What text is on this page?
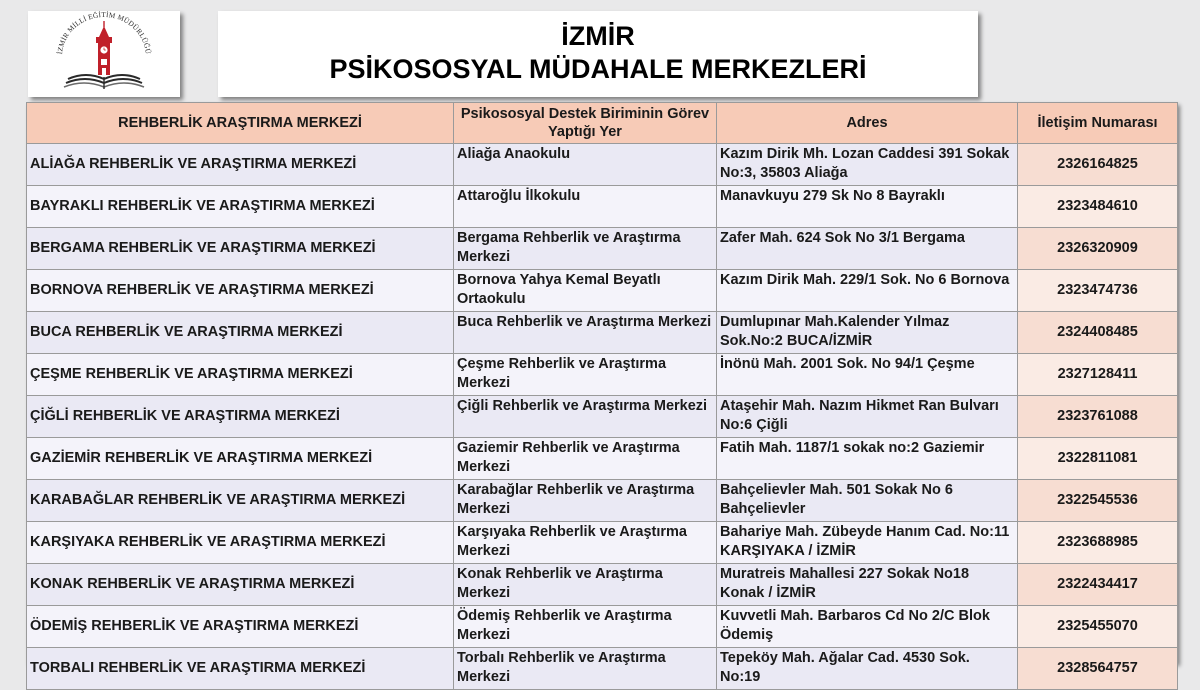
İZMİR MİLLİ EĞİTİM MÜDÜRLÜĞÜ
İZMİR
PSİKOSOSYAL MÜDAHALE MERKEZLERİ
REHBERLİK ARAŞTIRMA MERKEZİ	Psikososyal Destek Biriminin Görev Yaptığı Yer	Adres	İletişim Numarası
ALİAĞA REHBERLİK VE ARAŞTIRMA MERKEZİ	Aliağa Anaokulu	Kazım Dirik Mh. Lozan Caddesi 391 Sokak No:3, 35803 Aliağa	2326164825
BAYRAKLI REHBERLİK VE ARAŞTIRMA MERKEZİ	Attaroğlu İlkokulu	Manavkuyu 279 Sk No 8 Bayraklı	2323484610
BERGAMA REHBERLİK VE ARAŞTIRMA MERKEZİ	Bergama Rehberlik ve Araştırma Merkezi	Zafer Mah. 624 Sok No 3/1 Bergama	2326320909
BORNOVA REHBERLİK VE ARAŞTIRMA MERKEZİ	Bornova Yahya Kemal Beyatlı Ortaokulu	Kazım Dirik Mah. 229/1 Sok. No 6 Bornova	2323474736
BUCA REHBERLİK VE ARAŞTIRMA MERKEZİ	Buca Rehberlik ve Araştırma Merkezi	Dumlupınar Mah.Kalender Yılmaz Sok.No:2 BUCA/İZMİR	2324408485
ÇEŞME REHBERLİK VE ARAŞTIRMA MERKEZİ	Çeşme Rehberlik ve Araştırma Merkezi	İnönü Mah. 2001 Sok. No 94/1 Çeşme	2327128411
ÇİĞLİ REHBERLİK VE ARAŞTIRMA MERKEZİ	Çiğli Rehberlik ve Araştırma Merkezi	Ataşehir Mah. Nazım Hikmet Ran Bulvarı No:6 Çiğli	2323761088
GAZİEMİR REHBERLİK VE ARAŞTIRMA MERKEZİ	Gaziemir Rehberlik ve Araştırma Merkezi	Fatih Mah. 1187/1 sokak no:2 Gaziemir	2322811081
KARABAĞLAR REHBERLİK VE ARAŞTIRMA MERKEZİ	Karabağlar Rehberlik ve Araştırma Merkezi	Bahçelievler Mah. 501 Sokak No 6 Bahçelievler	2322545536
KARŞIYAKA REHBERLİK VE ARAŞTIRMA MERKEZİ	Karşıyaka Rehberlik ve Araştırma Merkezi	Bahariye Mah. Zübeyde Hanım Cad. No:11 KARŞIYAKA / İZMİR	2323688985
KONAK REHBERLİK VE ARAŞTIRMA MERKEZİ	Konak Rehberlik ve Araştırma Merkezi	Muratreis Mahallesi 227 Sokak No18 Konak / İZMİR	2322434417
ÖDEMİŞ REHBERLİK VE ARAŞTIRMA MERKEZİ	Ödemiş Rehberlik ve Araştırma Merkezi	Kuvvetli Mah. Barbaros Cd No 2/C Blok Ödemiş	2325455070
TORBALI REHBERLİK VE ARAŞTIRMA MERKEZİ	Torbalı Rehberlik ve Araştırma Merkezi	Tepeköy Mah. Ağalar Cad. 4530 Sok. No:19	2328564757
